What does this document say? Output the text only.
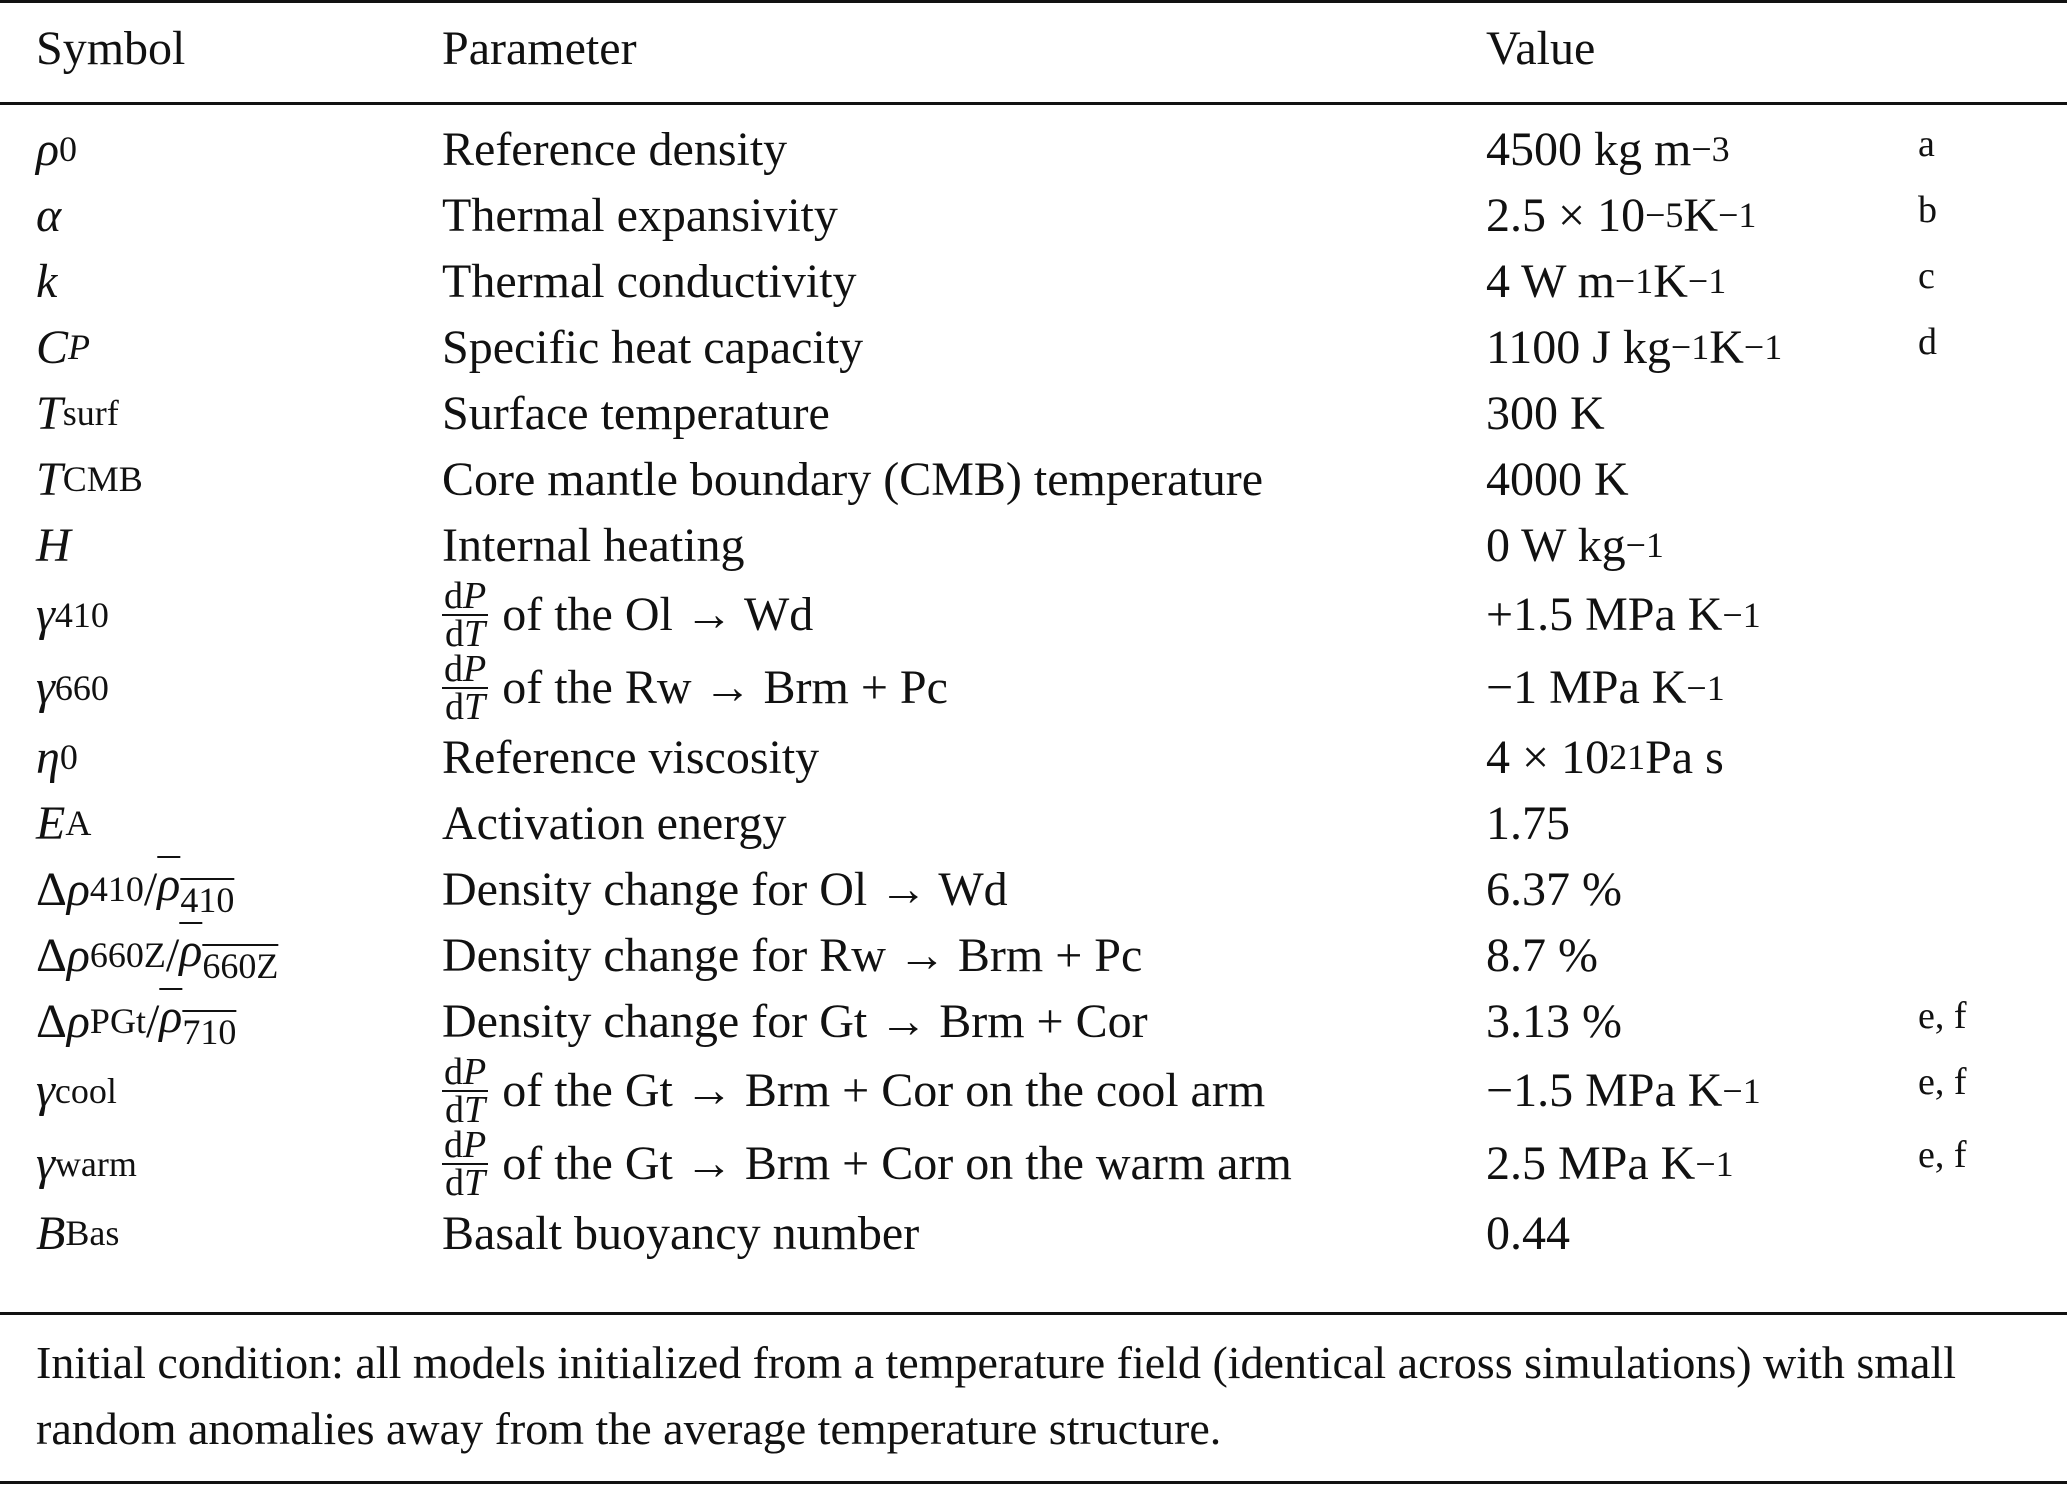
Symbol	Parameter	Value
ρ 0	Reference density	4500 kg m −3	a
α	Thermal expansivity	2.5 × 10 −5 K −1	b
k	Thermal conductivity	4 W m −1 K −1	c
C P	Specific heat capacity	1100 J kg −1 K −1	d
T surf	Surface temperature	300 K
T CMB	Core mantle boundary (CMB) temperature	4000 K
H	Internal heating	0 W kg −1
γ 410	$\frac{dP}{dT}$ of the Ol → Wd	+1.5 MPa K −1
γ 660	$\frac{dP}{dT}$ of the Rw → Brm + Pc	−1 MPa K −1
η 0	Reference viscosity	4 × 10 21 Pa s
E A	Activation energy	1.75
Δ ρ $410 / \rho_{410}$	Density change for Ol → Wd	6.37 %
Δ ρ $660Z / \rho_{660Z}$	Density change for Rw → Brm + Pc	8.7 %
Δ ρ PGt / $\rho_{710}$	Density change for Gt → Brm + Cor	3.13 %	e, f
γ cool	$\frac{dP}{dT}$ of the Gt → Brm + Cor on the cool arm	−1.5 MPa K −1	e, f
γ warm	$\frac{dP}{dT}$ of the Gt → Brm + Cor on the warm arm	2.5 MPa K −1	e, f
B Bas	Basalt buoyancy number	0.44
Initial condition: all models initialized from a temperature field (identical across simulations) with small random anomalies away from the average temperature structure.
